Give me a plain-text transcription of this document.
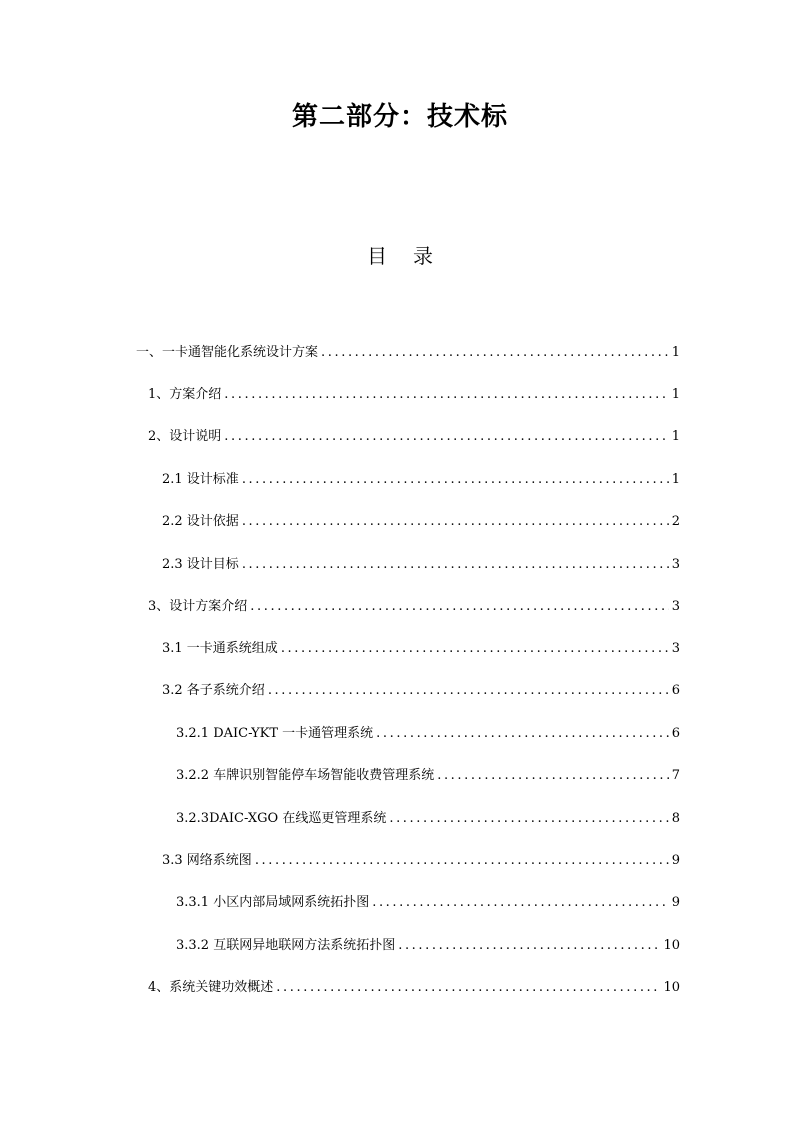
第二部分：技术标
目 录
一、一卡通智能化系统设计方案 .....	1
1、方案介绍 .....	1
2、设计说明 .....	1
2.1 设计标准 .....	1
2.2 设计依据 .....	2
2.3 设计目标 .....	3
3、设计方案介绍 .....	3
3.1 一卡通系统组成 .....	3
3.2 各子系统介绍 .....	6
3.2.1 DAIC-YKT 一卡通管理系统 .....	6
3.2.2 车牌识别智能停车场智能收费管理系统 .....	7
3.2.3DAIC-XGO 在线巡更管理系统 .....	8
3.3 网络系统图 .....	9
3.3.1 小区内部局域网系统拓扑图 .....	9
3.3.2 互联网异地联网方法系统拓扑图 .....	10
4、系统关键功效概述 .....	10
